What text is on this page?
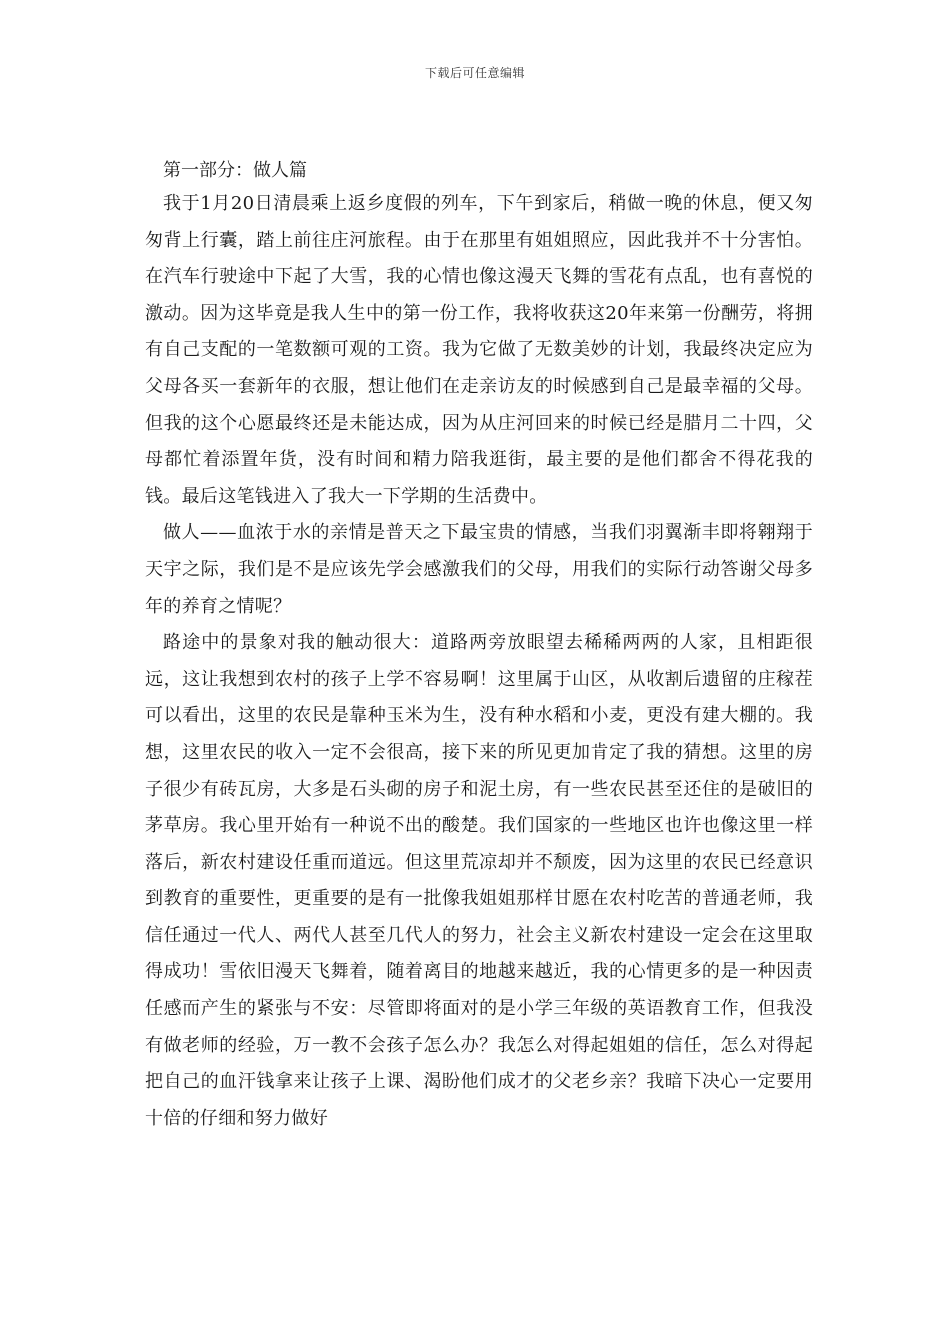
下载后可任意编辑

第一部分：做人篇

我于1月20日清晨乘上返乡度假的列车，下午到家后，稍做一晚的休息，便又匆匆背上行囊，踏上前往庄河旅程。由于在那里有姐姐照应，因此我并不十分害怕。在汽车行驶途中下起了大雪，我的心情也像这漫天飞舞的雪花有点乱，也有喜悦的激动。因为这毕竟是我人生中的第一份工作，我将收获这20年来第一份酬劳，将拥有自己支配的一笔数额可观的工资。我为它做了无数美妙的计划，我最终决定应为父母各买一套新年的衣服，想让他们在走亲访友的时候感到自己是最幸福的父母。但我的这个心愿最终还是未能达成，因为从庄河回来的时候已经是腊月二十四，父母都忙着添置年货，没有时间和精力陪我逛街，最主要的是他们都舍不得花我的钱。最后这笔钱进入了我大一下学期的生活费中。

做人——血浓于水的亲情是普天之下最宝贵的情感，当我们羽翼渐丰即将翱翔于天宇之际，我们是不是应该先学会感激我们的父母，用我们的实际行动答谢父母多年的养育之情呢？

路途中的景象对我的触动很大：道路两旁放眼望去稀稀两两的人家，且相距很远，这让我想到农村的孩子上学不容易啊！这里属于山区，从收割后遗留的庄稼茬可以看出，这里的农民是靠种玉米为生，没有种水稻和小麦，更没有建大棚的。我想，这里农民的收入一定不会很高，接下来的所见更加肯定了我的猜想。这里的房子很少有砖瓦房，大多是石头砌的房子和泥土房，有一些农民甚至还住的是破旧的茅草房。我心里开始有一种说不出的酸楚。我们国家的一些地区也许也像这里一样落后，新农村建设任重而道远。但这里荒凉却并不颓废，因为这里的农民已经意识到教育的重要性，更重要的是有一批像我姐姐那样甘愿在农村吃苦的普通老师，我信任通过一代人、两代人甚至几代人的努力，社会主义新农村建设一定会在这里取得成功！雪依旧漫天飞舞着，随着离目的地越来越近，我的心情更多的是一种因责任感而产生的紧张与不安：尽管即将面对的是小学三年级的英语教育工作，但我没有做老师的经验，万一教不会孩子怎么办？我怎么对得起姐姐的信任，怎么对得起把自己的血汗钱拿来让孩子上课、渴盼他们成才的父老乡亲？我暗下决心一定要用十倍的仔细和努力做好
